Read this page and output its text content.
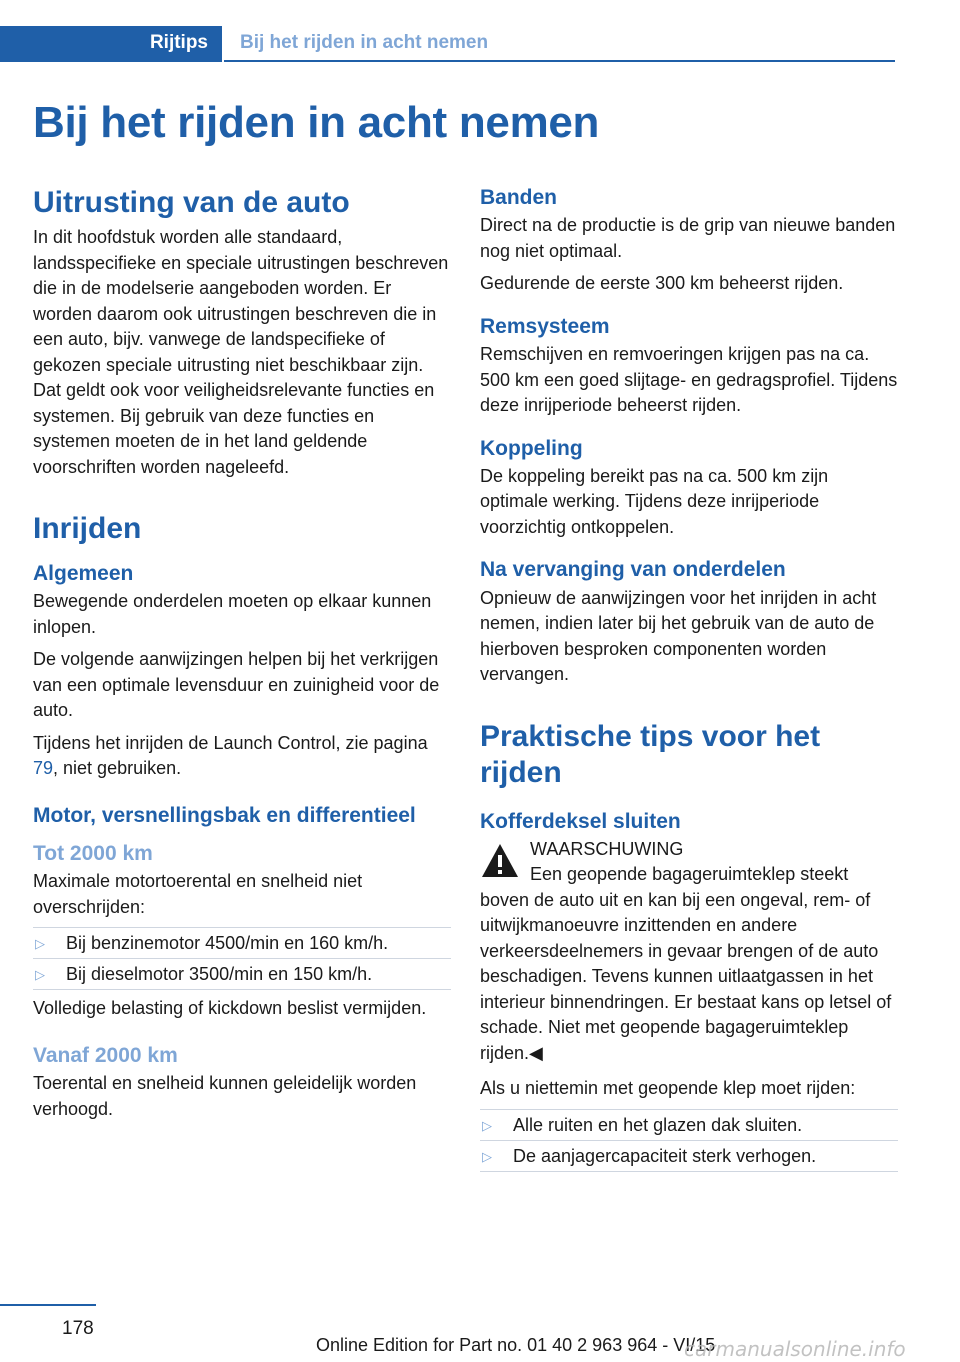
Rijtips Bij het rijden in acht nemen
Bij het rijden in acht nemen
Uitrusting van de auto

In dit hoofdstuk worden alle standaard, landsspecifieke en speciale uitrustingen beschreven die in de modelserie aangeboden worden. Er worden daarom ook uitrustingen beschreven die in een auto, bijv. vanwege de landspecifieke of gekozen speciale uitrusting niet beschikbaar zijn. Dat geldt ook voor veiligheidsrelevante functies en systemen. Bij gebruik van deze functies en systemen moeten de in het land geldende voorschriften worden nageleefd.

Inrijden
Algemeen

Bewegende onderdelen moeten op elkaar kunnen inlopen.

De volgende aanwijzingen helpen bij het verkrijgen van een optimale levensduur en zuinigheid voor de auto.

Tijdens het inrijden de Launch Control, zie pagina 79, niet gebruiken.

Motor, versnellingsbak en differentieel
Tot 2000 km

Maximale motortoerental en snelheid niet overschrijden:

▷ Bij benzinemotor 4500/min en 160 km/h.
▷ Bij dieselmotor 3500/min en 150 km/h.

Volledige belasting of kickdown beslist vermijden.

Vanaf 2000 km

Toerental en snelheid kunnen geleidelijk worden verhoogd.

Banden

Direct na de productie is de grip van nieuwe banden nog niet optimaal.

Gedurende de eerste 300 km beheerst rijden.

Remsysteem

Remschijven en remvoeringen krijgen pas na ca. 500 km een goed slijtage- en gedragsprofiel. Tijdens deze inrijperiode beheerst rijden.

Koppeling

De koppeling bereikt pas na ca. 500 km zijn optimale werking. Tijdens deze inrijperiode voorzichtig ontkoppelen.

Na vervanging van onderdelen

Opnieuw de aanwijzingen voor het inrijden in acht nemen, indien later bij het gebruik van de auto de hierboven besproken componenten worden vervangen.

Praktische tips voor het rijden
Kofferdeksel sluiten
WAARSCHUWING
Een geopende bagageruimteklep steekt

boven de auto uit en kan bij een ongeval, rem- of uitwijkmanoeuvre inzittenden en andere verkeersdeelnemers in gevaar brengen of de auto beschadigen. Tevens kunnen uitlaatgassen in het interieur binnendringen. Er bestaat kans op letsel of schade. Niet met geopende bagageruimteklep rijden.◀

Als u niettemin met geopende klep moet rijden:

▷ Alle ruiten en het glazen dak sluiten.
▷ De aanjagercapaciteit sterk verhogen.
178
Online Edition for Part no. 01 40 2 963 964 - VI/15
carmanualsonline.info
